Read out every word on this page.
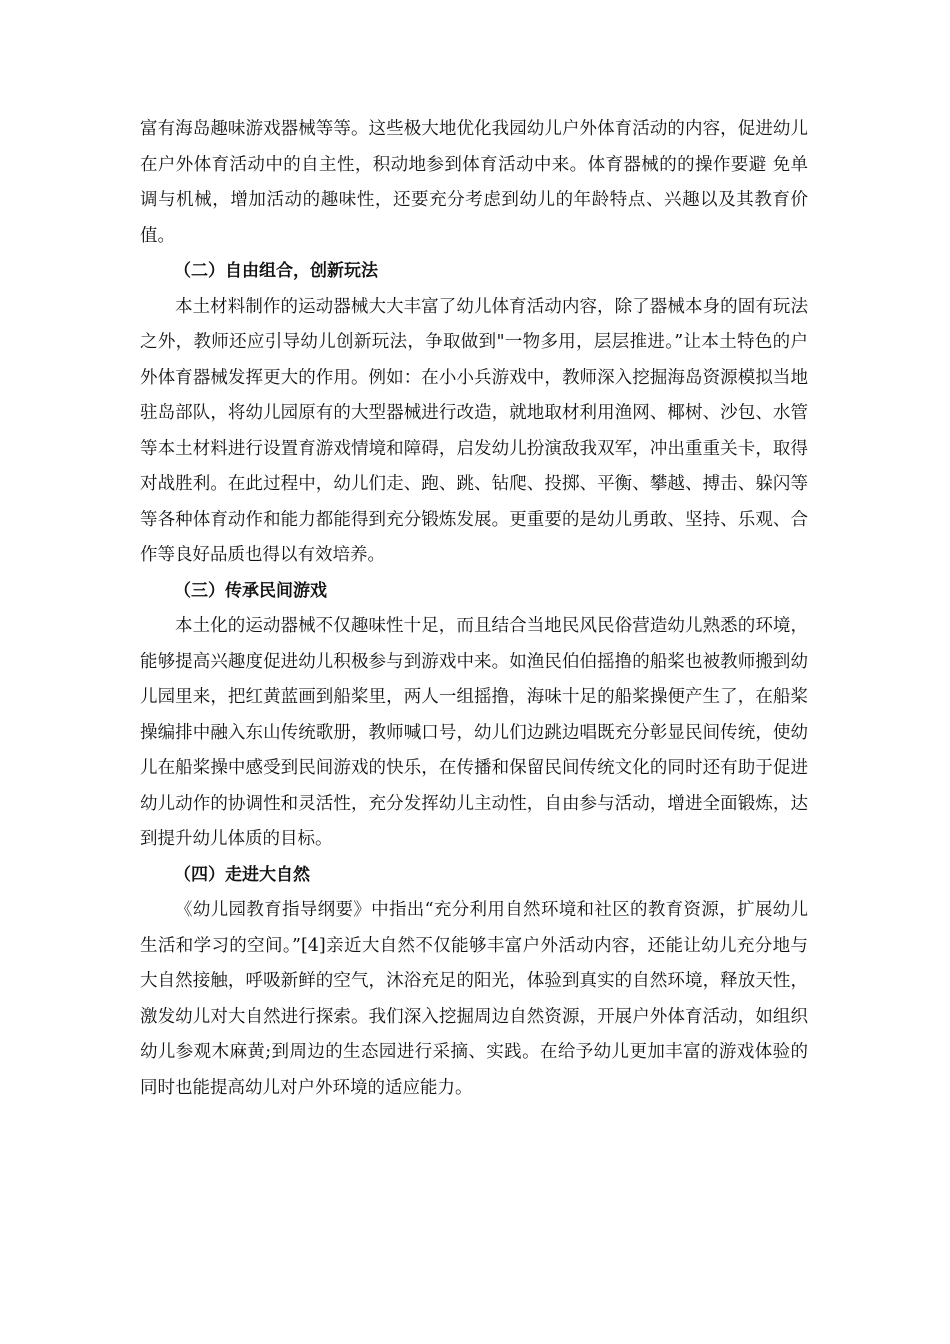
富有海岛趣味游戏器械等等。这些极大地优化我园幼儿户外体育活动的内容，促进幼儿在户外体育活动中的自主性，积动地参到体育活动中来。体育器械的的操作要避 免单调与机械，增加活动的趣味性，还要充分考虑到幼儿的年龄特点、兴趣以及其教育价值。

（二）自由组合，创新玩法

本土材料制作的运动器械大大丰富了幼儿体育活动内容，除了器械本身的固有玩法之外，教师还应引导幼儿创新玩法，争取做到"一物多用，层层推进。”让本土特色的户外体育器械发挥更大的作用。例如：在小小兵游戏中，教师深入挖掘海岛资源模拟当地驻岛部队，将幼儿园原有的大型器械进行改造，就地取材利用渔网、椰树、沙包、水管等本土材料进行设置育游戏情境和障碍，启发幼儿扮演敌我双军，冲出重重关卡，取得对战胜利。在此过程中，幼儿们走、跑、跳、钻爬、投掷、平衡、攀越、搏击、躲闪等等各种体育动作和能力都能得到充分锻炼发展。更重要的是幼儿勇敢、坚持、乐观、合作等良好品质也得以有效培养。

（三）传承民间游戏

本土化的运动器械不仅趣味性十足，而且结合当地民风民俗营造幼儿熟悉的环境，能够提高兴趣度促进幼儿积极参与到游戏中来。如渔民伯伯摇撸的船桨也被教师搬到幼儿园里来，把红黄蓝画到船桨里，两人一组摇撸，海味十足的船桨操便产生了，在船桨操编排中融入东山传统歌册，教师喊口号，幼儿们边跳边唱既充分彰显民间传统，使幼儿在船桨操中感受到民间游戏的快乐，在传播和保留民间传统文化的同时还有助于促进幼儿动作的协调性和灵活性，充分发挥幼儿主动性，自由参与活动，增进全面锻炼，达到提升幼儿体质的目标。

（四）走进大自然

《幼儿园教育指导纲要》中指出“充分利用自然环境和社区的教育资源，扩展幼儿生活和学习的空间。”[4]亲近大自然不仅能够丰富户外活动内容，还能让幼儿充分地与大自然接触，呼吸新鲜的空气，沐浴充足的阳光，体验到真实的自然环境，释放天性，激发幼儿对大自然进行探索。我们深入挖掘周边自然资源，开展户外体育活动，如组织幼儿参观木麻黄;到周边的生态园进行采摘、实践。在给予幼儿更加丰富的游戏体验的同时也能提高幼儿对户外环境的适应能力。
